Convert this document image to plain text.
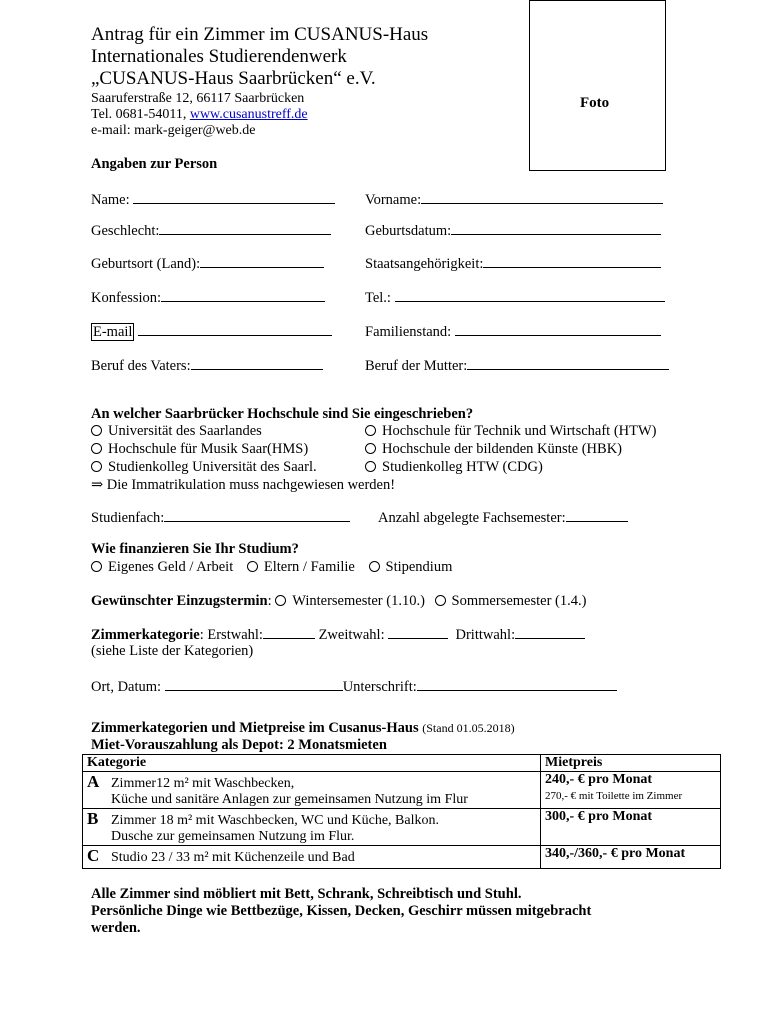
Antrag für ein Zimmer im CUSANUS-Haus
Internationales Studierendenwerk
„CUSANUS-Haus Saarbrücken“ e.V.
Saaruferstraße 12, 66117 Saarbrücken
Tel. 0681-54011, www.cusanustreff.de
e-mail: mark-geiger@web.de
Foto
Angaben zur Person
Name:	Vorname:
Geschlecht:	Geburtsdatum:
Geburtsort (Land):	Staatsangehörigkeit:
Konfession:	Tel.:
E-mail	Familienstand:
Beruf des Vaters:	Beruf der Mutter:
An welcher Saarbrücker Hochschule sind Sie eingeschrieben?
Universität des Saarlandes	Hochschule für Technik und Wirtschaft (HTW)
Hochschule für Musik Saar(HMS)	Hochschule der bildenden Künste (HBK)
Studienkolleg Universität des Saarl.	Studienkolleg HTW (CDG)
⇒ Die Immatrikulation muss nachgewiesen werden!
Studienfach:	Anzahl abgelegte Fachsemester:
Wie finanzieren Sie Ihr Studium?
Eigenes Geld / Arbeit Eltern / Familie Stipendium
Gewünschter Einzugstermin: Wintersemester (1.10.) Sommersemester (1.4.)
Zimmerkategorie: Erstwahl:	Zweitwahl:	Drittwahl:
(siehe Liste der Kategorien)
Ort, Datum:	Unterschrift:
Zimmerkategorien und Mietpreise im Cusanus-Haus (Stand 01.05.2018)
Miet-Vorauszahlung als Depot: 2 Monatsmieten
Kategorie	Mietpreis
A Zimmer12 m² mit Waschbecken,
Küche und sanitäre Anlagen zur gemeinsamen Nutzung im Flur	240,- € pro Monat
270,- € mit Toilette im Zimmer
B Zimmer 18 m² mit Waschbecken, WC und Küche, Balkon.
Dusche zur gemeinsamen Nutzung im Flur.	300,- € pro Monat
C Studio 23 / 33 m² mit Küchenzeile und Bad	340,-/360,- € pro Monat
Alle Zimmer sind möbliert mit Bett, Schrank, Schreibtisch und Stuhl.
Persönliche Dinge wie Bettbezüge, Kissen, Decken, Geschirr müssen mitgebracht
werden.
